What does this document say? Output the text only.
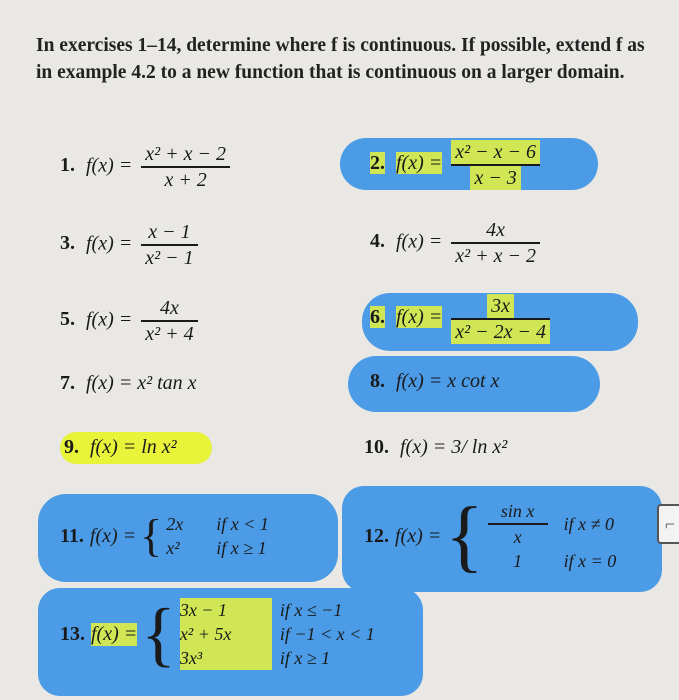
In exercises 1–14, determine where f is continuous. If possible, extend f as in example 4.2 to a new function that is continuous on a larger domain.
1. $f(x) = \frac{\text{x² + x − 2}}{x + 2}$	2. $f(x) = \frac{\text{x² − x − 6}}{x - 3}$
3. $f(x) = \frac{x - 1}{\text{x² − 1}}$	4. $f(x) = \frac{4x}{\text{x² + x − 2}}$
5. $f(x) = \frac{4x}{\text{x² + 4}}$	6. $f(x) = \frac{3x}{\text{x² − 2x − 4}}$
7. f(x) = x² tan x	8. f(x) = x cot x
9. f(x) = ln x²	10. f(x) = 3/ ln x²
11. f(x) = { 2x	if x < 1
x²	if x ≥ 1
12. f(x) = { $\frac{\text{sin x}}{x}$ if x ≠ 0
1	if x = 0
13. f(x) = { 3x − 1	if x ≤ −1
x² + 5x	if −1 < x < 1
3x³	if x ≥ 1
⌐
